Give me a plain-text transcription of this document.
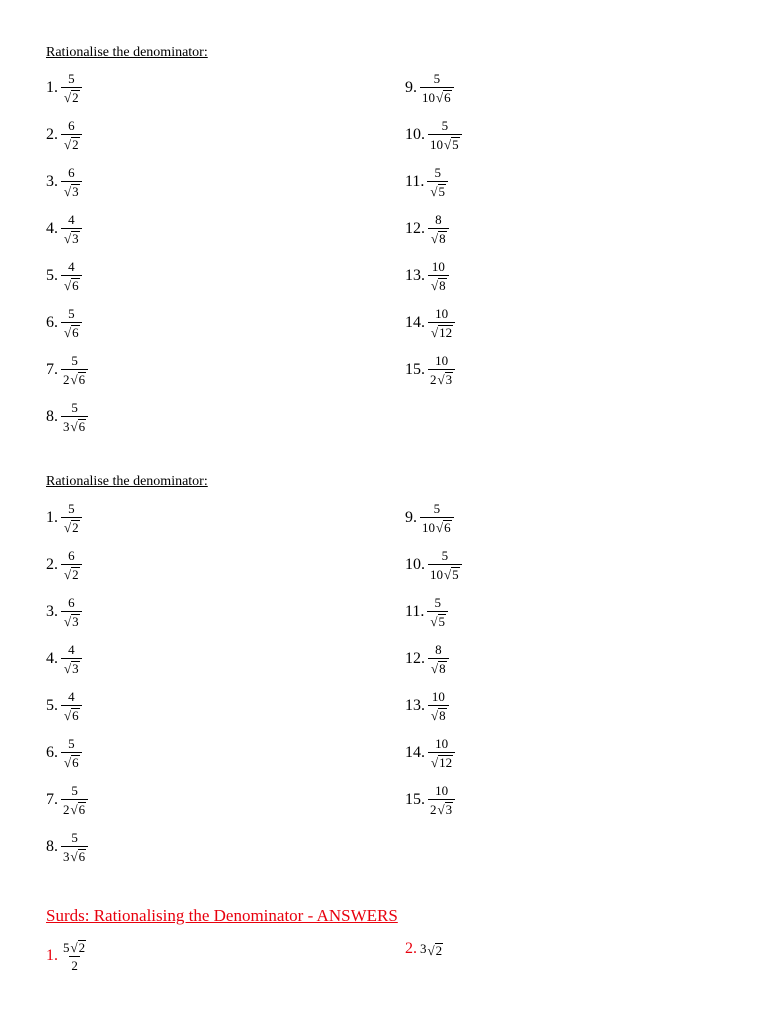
Rationalise the denominator:
Rationalise the denominator:
Surds: Rationalising the Denominator - ANSWERS
1. $\frac{5 √ 2}{2}$	2. 3 √ 2
1. $\frac{5}{√ 2}$
2. $\frac{6}{√ 2}$
3. $\frac{6}{√ 3}$
4. $\frac{4}{√ 3}$
5. $\frac{4}{√ 6}$
6. $\frac{5}{√ 6}$
7. $\frac{5}{2 √ 6}$
8. $\frac{5}{3 √ 6}$
9. $\frac{5}{10 √ 6}$
10. $\frac{5}{10 √ 5}$
11. $\frac{5}{√ 5}$
12. $\frac{8}{√ 8}$
13. $\frac{10}{√ 8}$
14. $\frac{10}{√ 12}$
15. $\frac{10}{2 √ 3}$
1. $\frac{5}{√ 2}$
2. $\frac{6}{√ 2}$
3. $\frac{6}{√ 3}$
4. $\frac{4}{√ 3}$
5. $\frac{4}{√ 6}$
6. $\frac{5}{√ 6}$
7. $\frac{5}{2 √ 6}$
8. $\frac{5}{3 √ 6}$
9. $\frac{5}{10 √ 6}$
10. $\frac{5}{10 √ 5}$
11. $\frac{5}{√ 5}$
12. $\frac{8}{√ 8}$
13. $\frac{10}{√ 8}$
14. $\frac{10}{√ 12}$
15. $\frac{10}{2 √ 3}$
